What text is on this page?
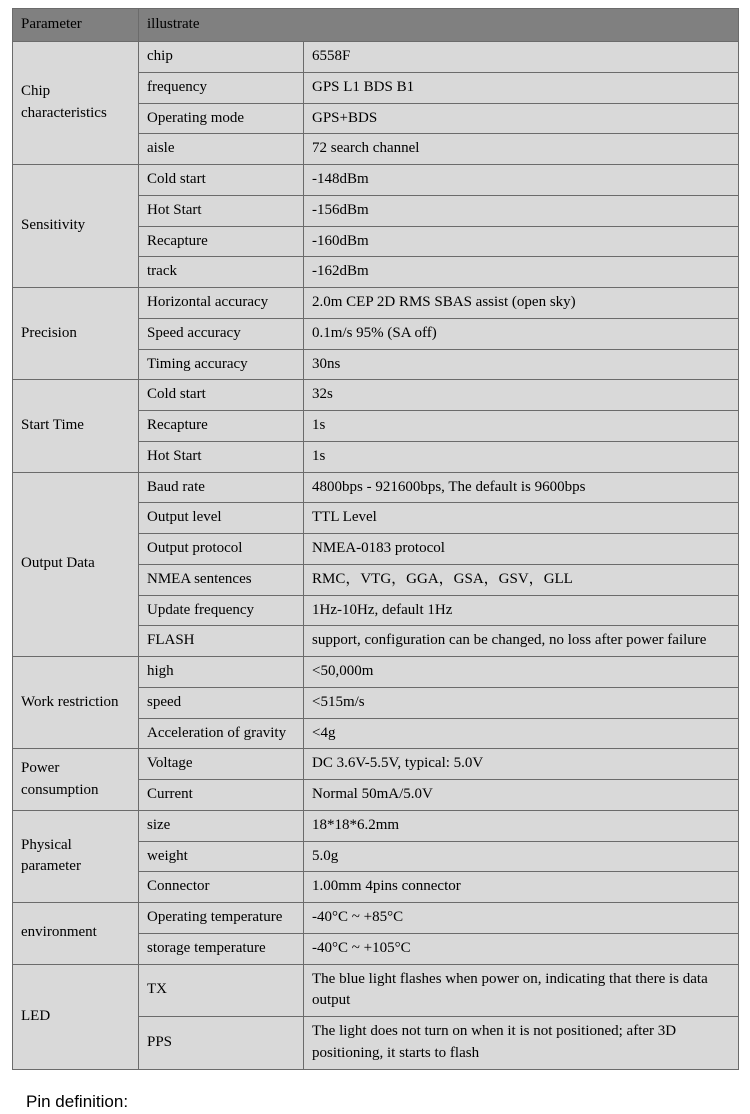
Parameter	illustrate	
Chip characteristics	chip	6558F
	frequency	GPS L1 BDS B1
	Operating mode	GPS+BDS
	aisle	72 search channel
Sensitivity	Cold start	-148dBm
	Hot Start	-156dBm
	Recapture	-160dBm
	track	-162dBm
Precision	Horizontal accuracy	2.0m CEP 2D RMS SBAS assist (open sky)
	Speed accuracy	0.1m/s 95% (SA off)
	Timing accuracy	30ns
Start Time	Cold start	32s
	Recapture	1s
	Hot Start	1s
Output Data	Baud rate	4800bps - 921600bps, The default is 9600bps
	Output level	TTL Level
	Output protocol	NMEA-0183 protocol
	NMEA sentences	RMC，VTG，GGA，GSA，GSV，GLL
	Update frequency	1Hz-10Hz, default 1Hz
	FLASH	support, configuration can be changed, no loss after power failure
Work restriction	high	<50,000m
	speed	<515m/s
	Acceleration of gravity	<4g
Power consumption	Voltage	DC 3.6V-5.5V, typical: 5.0V
	Current	Normal 50mA/5.0V
Physical parameter	size	18*18*6.2mm
	weight	5.0g
	Connector	1.00mm 4pins connector
environment	Operating temperature	-40°C ~ +85°C
	storage temperature	-40°C ~ +105°C
LED	TX	The blue light flashes when power on, indicating that there is data output
	PPS	The light does not turn on when it is not positioned; after 3D positioning, it starts to flash
Pin definition:
